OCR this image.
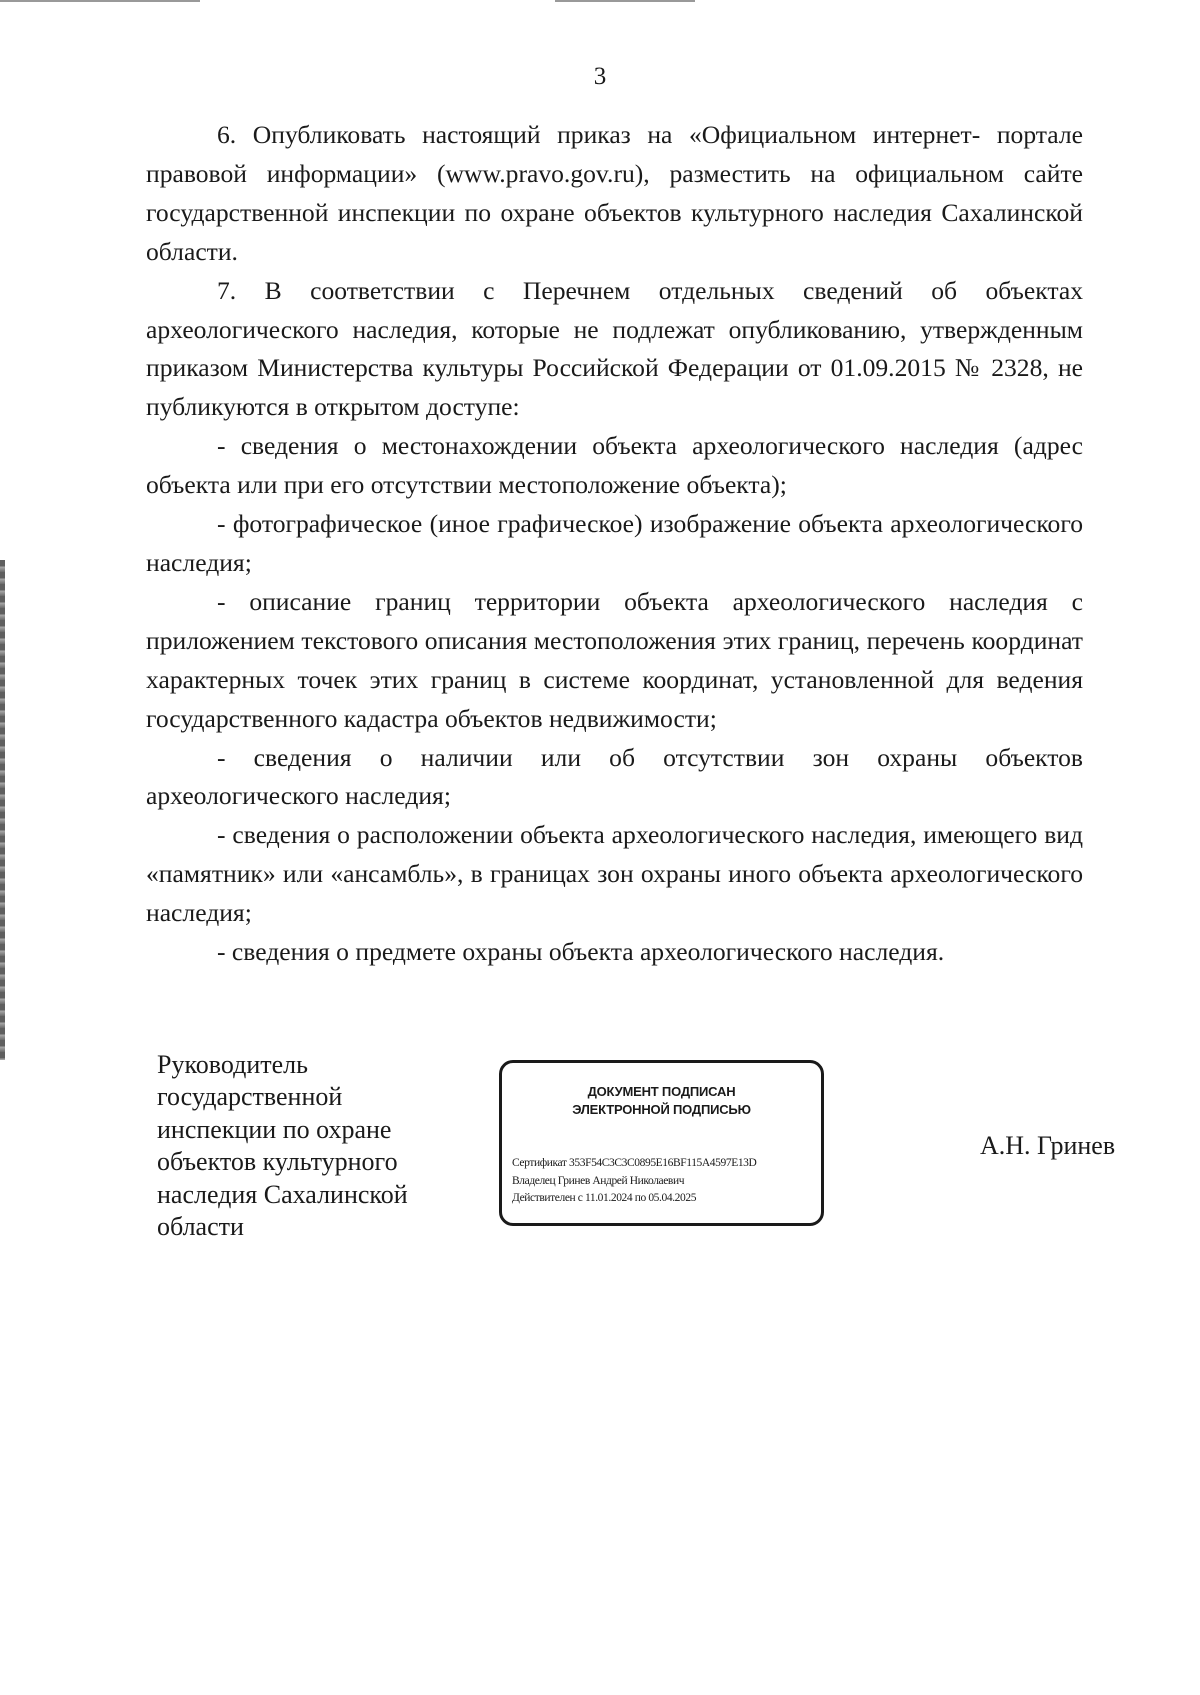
3

6. Опубликовать настоящий приказ на «Официальном интернет- портале правовой информации» (www.pravo.gov.ru), разместить на официальном сайте государственной инспекции по охране объектов культурного наследия Сахалинской области.

7. В соответствии с Перечнем отдельных сведений об объектах археологического наследия, которые не подлежат опубликованию, утвержденным приказом Министерства культуры Российской Федерации от 01.09.2015 № 2328, не публикуются в открытом доступе:

- сведения о местонахождении объекта археологического наследия (адрес объекта или при его отсутствии местоположение объекта);

- фотографическое (иное графическое) изображение объекта археологического наследия;

- описание границ территории объекта археологического наследия с приложением текстового описания местоположения этих границ, перечень координат характерных точек этих границ в системе координат, установленной для ведения государственного кадастра объектов недвижимости;

- сведения о наличии или об отсутствии зон охраны объектов археологического наследия;

- сведения о расположении объекта археологического наследия, имеющего вид «памятник» или «ансамбль», в границах зон охраны иного объекта археологического наследия;

- сведения о предмете охраны объекта археологического наследия.

Руководитель
государственной
инспекции по охране
объектов культурного
наследия Сахалинской
области
ДОКУМЕНТ ПОДПИСАН
ЭЛЕКТРОННОЙ ПОДПИСЬЮ
Сертификат 353F54C3C3C0895E16BF115A4597E13D
Владелец Гринев Андрей Николаевич
Действителен с 11.01.2024 по 05.04.2025
А.Н. Гринев
